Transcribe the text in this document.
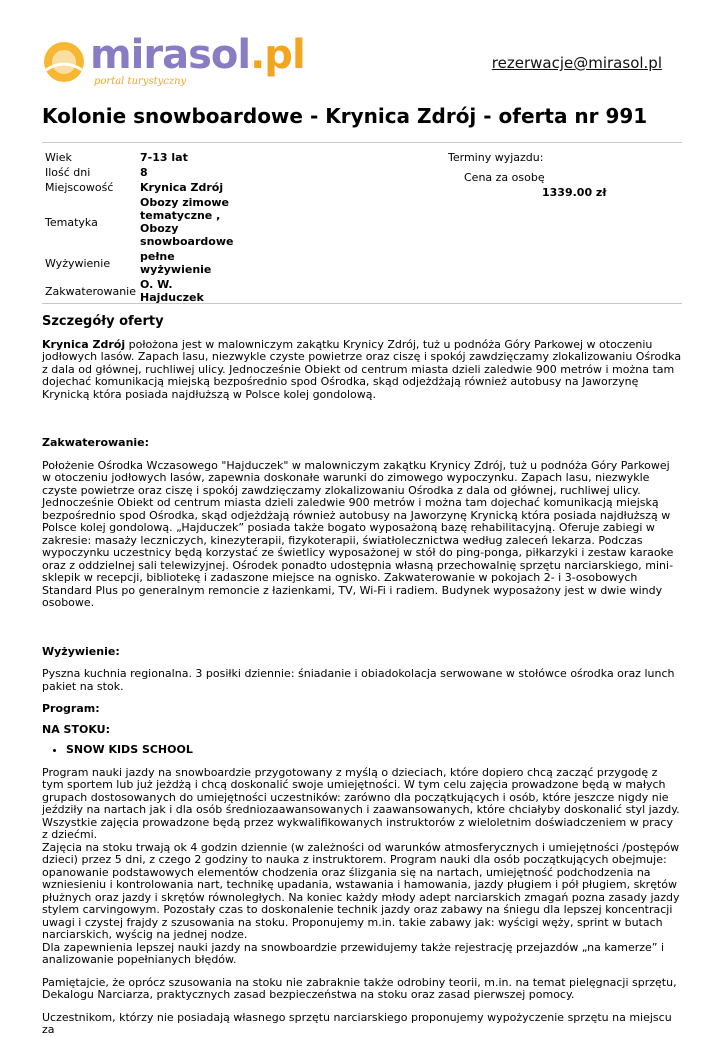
mirasol.pl
portal turystyczny
rezerwacje@mirasol.pl
Kolonie snowboardowe - Krynica Zdrój - oferta nr 991
Wiek	7-13 lat
Ilość dni	8
Miejscowość	Krynica Zdrój
Tematyka	Obozy zimowe tematyczne , Obozy snowboardowe
Wyżywienie	pełne wyżywienie
Zakwaterowanie	O. W. Hajduczek
Terminy wyjazdu:
Cena za osobę
1339.00 zł
Szczegóły oferty

Krynica Zdrój położona jest w malowniczym zakątku Krynicy Zdrój, tuż u podnóża Góry Parkowej w otoczeniu jodłowych lasów. Zapach lasu, niezwykle czyste powietrze oraz ciszę i spokój zawdzięczamy zlokalizowaniu Ośrodka z dala od głównej, ruchliwej ulicy. Jednocześnie Obiekt od centrum miasta dzieli zaledwie 900 metrów i można tam dojechać komunikacją miejską bezpośrednio spod Ośrodka, skąd odjeżdżają również autobusy na Jaworzynę Krynicką która posiada najdłuższą w Polsce kolej gondolową.

Zakwaterowanie:

Położenie Ośrodka Wczasowego "Hajduczek" w malowniczym zakątku Krynicy Zdrój, tuż u podnóża Góry Parkowej w otoczeniu jodłowych lasów, zapewnia doskonałe warunki do zimowego wypoczynku. Zapach lasu, niezwykle czyste powietrze oraz ciszę i spokój zawdzięczamy zlokalizowaniu Ośrodka z dala od głównej, ruchliwej ulicy. Jednocześnie Obiekt od centrum miasta dzieli zaledwie 900 metrów i można tam dojechać komunikacją miejską bezpośrednio spod Ośrodka, skąd odjeżdżają również autobusy na Jaworzynę Krynicką która posiada najdłuższą w Polsce kolej gondolową. „Hajduczek” posiada także bogato wyposażoną bazę rehabilitacyjną. Oferuje zabiegi w zakresie: masaży leczniczych, kinezyterapii, fizykoterapii, światłolecznictwa według zaleceń lekarza. Podczas wypoczynku uczestnicy będą korzystać ze świetlicy wyposażonej w stół do ping-ponga, piłkarzyki i zestaw karaoke oraz z oddzielnej sali telewizyjnej. Ośrodek ponadto udostępnia własną przechowalnię sprzętu narciarskiego, mini-sklepik w recepcji, bibliotekę i zadaszone miejsce na ognisko. Zakwaterowanie w pokojach 2- i 3-osobowych Standard Plus po generalnym remoncie z łazienkami, TV, Wi-Fi i radiem. Budynek wyposażony jest w dwie windy osobowe.

Wyżywienie:

Pyszna kuchnia regionalna. 3 posiłki dziennie: śniadanie i obiadokolacja serwowane w stołówce ośrodka oraz lunch pakiet na stok.

Program:

NA STOKU:

• SNOW KIDS SCHOOL

Program nauki jazdy na snowboardzie przygotowany z myślą o dzieciach, które dopiero chcą zacząć przygodę z tym sportem lub już jeżdżą i chcą doskonalić swoje umiejętności. W tym celu zajęcia prowadzone będą w małych grupach dostosowanych do umiejętności uczestników: zarówno dla początkujących i osób, które jeszcze nigdy nie jeździły na nartach jak i dla osób średniozaawansowanych i zaawansowanych, które chciałyby doskonalić styl jazdy. Wszystkie zajęcia prowadzone będą przez wykwalifikowanych instruktorów z wieloletnim doświadczeniem w pracy z dziećmi.

Zajęcia na stoku trwają ok 4 godzin dziennie (w zależności od warunków atmosferycznych i umiejętności /postępów dzieci) przez 5 dni, z czego 2 godziny to nauka z instruktorem. Program nauki dla osób początkujących obejmuje: opanowanie podstawowych elementów chodzenia oraz ślizgania się na nartach, umiejętność podchodzenia na wzniesieniu i kontrolowania nart, technikę upadania, wstawania i hamowania, jazdy pługiem i pół pługiem, skrętów płużnych oraz jazdy i skrętów równoległych. Na koniec każdy młody adept narciarskich zmagań pozna zasady jazdy stylem carvingowym. Pozostały czas to doskonalenie technik jazdy oraz zabawy na śniegu dla lepszej koncentracji uwagi i czystej frajdy z szusowania na stoku. Proponujemy m.in. takie zabawy jak: wyścigi węży, sprint w butach narciarskich, wyścig na jednej nodze.

Dla zapewnienia lepszej nauki jazdy na snowboardzie przewidujemy także rejestrację przejazdów „na kamerze” i analizowanie popełnianych błędów.

Pamiętajcie, że oprócz szusowania na stoku nie zabraknie także odrobiny teorii, m.in. na temat pielęgnacji sprzętu, Dekalogu Narciarza, praktycznych zasad bezpieczeństwa na stoku oraz zasad pierwszej pomocy.

Uczestnikom, którzy nie posiadają własnego sprzętu narciarskiego proponujemy wypożyczenie sprzętu na miejscu za
